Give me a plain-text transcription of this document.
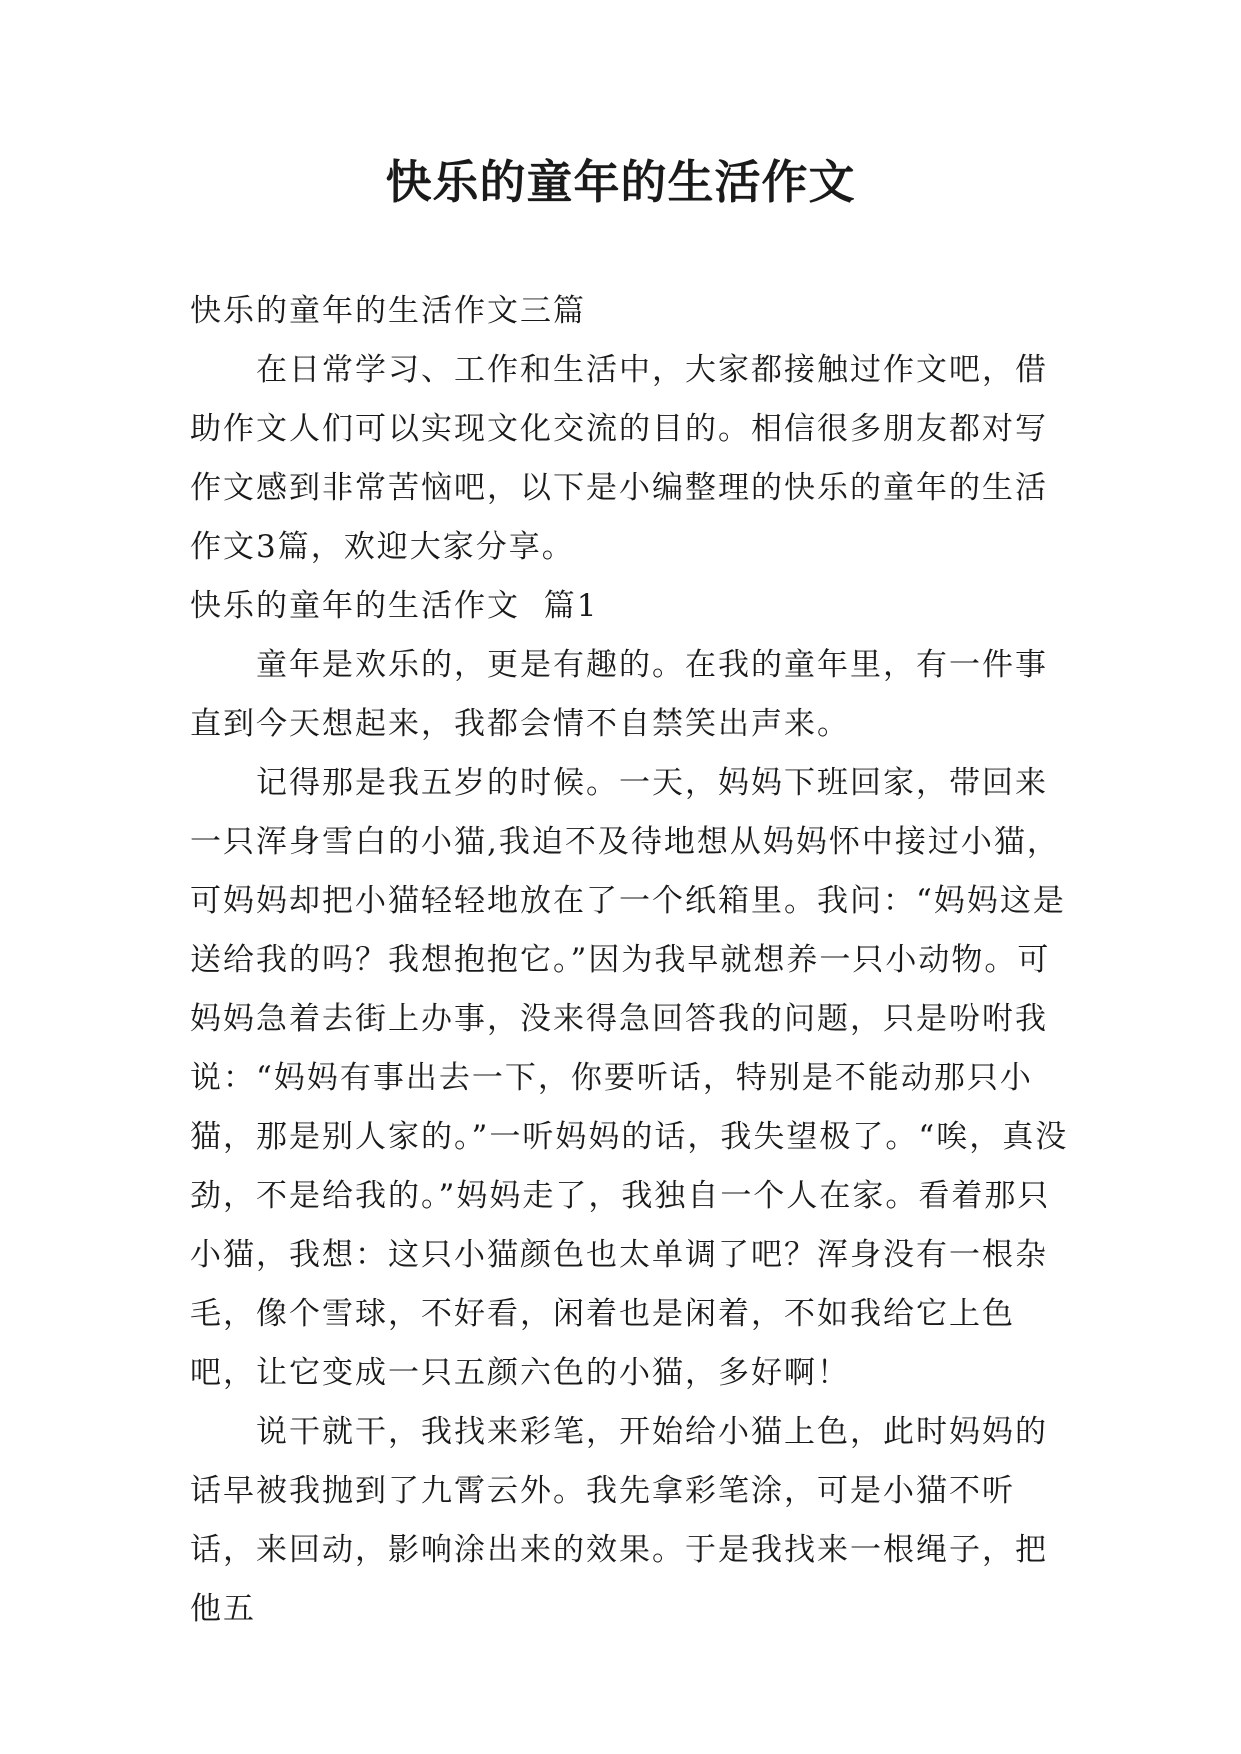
快乐的童年的生活作文

快乐的童年的生活作文三篇

在日常学习、工作和生活中，大家都接触过作文吧，借助作文人们可以实现文化交流的目的。相信很多朋友都对写作文感到非常苦恼吧，以下是小编整理的快乐的童年的生活作文3篇，欢迎大家分享。

快乐的童年的生活作文  篇1

童年是欢乐的，更是有趣的。在我的童年里，有一件事直到今天想起来，我都会情不自禁笑出声来。

记得那是我五岁的时候。一天，妈妈下班回家，带回来一只浑身雪白的小猫,我迫不及待地想从妈妈怀中接过小猫，可妈妈却把小猫轻轻地放在了一个纸箱里。我问：“妈妈这是送给我的吗？我想抱抱它。”因为我早就想养一只小动物。可妈妈急着去街上办事，没来得急回答我的问题，只是吩咐我说：“妈妈有事出去一下，你要听话，特别是不能动那只小猫，那是别人家的。”一听妈妈的话，我失望极了。“唉，真没劲，不是给我的。”妈妈走了，我独自一个人在家。看着那只小猫，我想：这只小猫颜色也太单调了吧？浑身没有一根杂毛，像个雪球，不好看，闲着也是闲着，不如我给它上色吧，让它变成一只五颜六色的小猫，多好啊！

说干就干，我找来彩笔，开始给小猫上色，此时妈妈的话早被我抛到了九霄云外。我先拿彩笔涂，可是小猫不听话，来回动，影响涂出来的效果。于是我找来一根绳子，把他五
